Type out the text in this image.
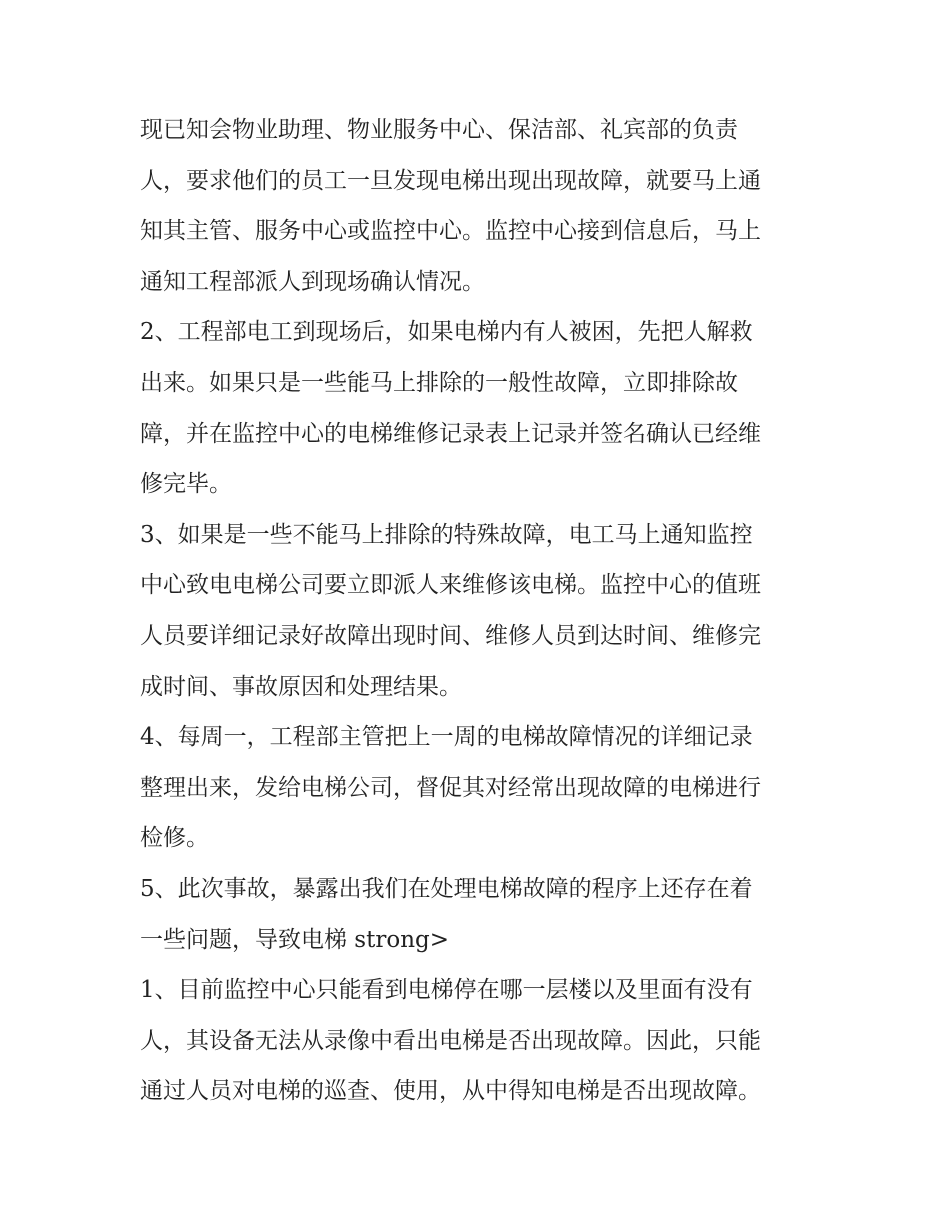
现已知会物业助理、物业服务中心、保洁部、礼宾部的负责
人，要求他们的员工一旦发现电梯出现出现故障，就要马上通
知其主管、服务中心或监控中心。监控中心接到信息后，马上
通知工程部派人到现场确认情况。
2、工程部电工到现场后，如果电梯内有人被困，先把人解救
出来。如果只是一些能马上排除的一般性故障，立即排除故
障，并在监控中心的电梯维修记录表上记录并签名确认已经维
修完毕。
3、如果是一些不能马上排除的特殊故障，电工马上通知监控
中心致电电梯公司要立即派人来维修该电梯。监控中心的值班
人员要详细记录好故障出现时间、维修人员到达时间、维修完
成时间、事故原因和处理结果。
4、每周一，工程部主管把上一周的电梯故障情况的详细记录
整理出来，发给电梯公司，督促其对经常出现故障的电梯进行
检修。
5、此次事故，暴露出我们在处理电梯故障的程序上还存在着
一些问题，导致电梯 strong>
1、目前监控中心只能看到电梯停在哪一层楼以及里面有没有
人，其设备无法从录像中看出电梯是否出现故障。因此，只能
通过人员对电梯的巡查、使用，从中得知电梯是否出现故障。
